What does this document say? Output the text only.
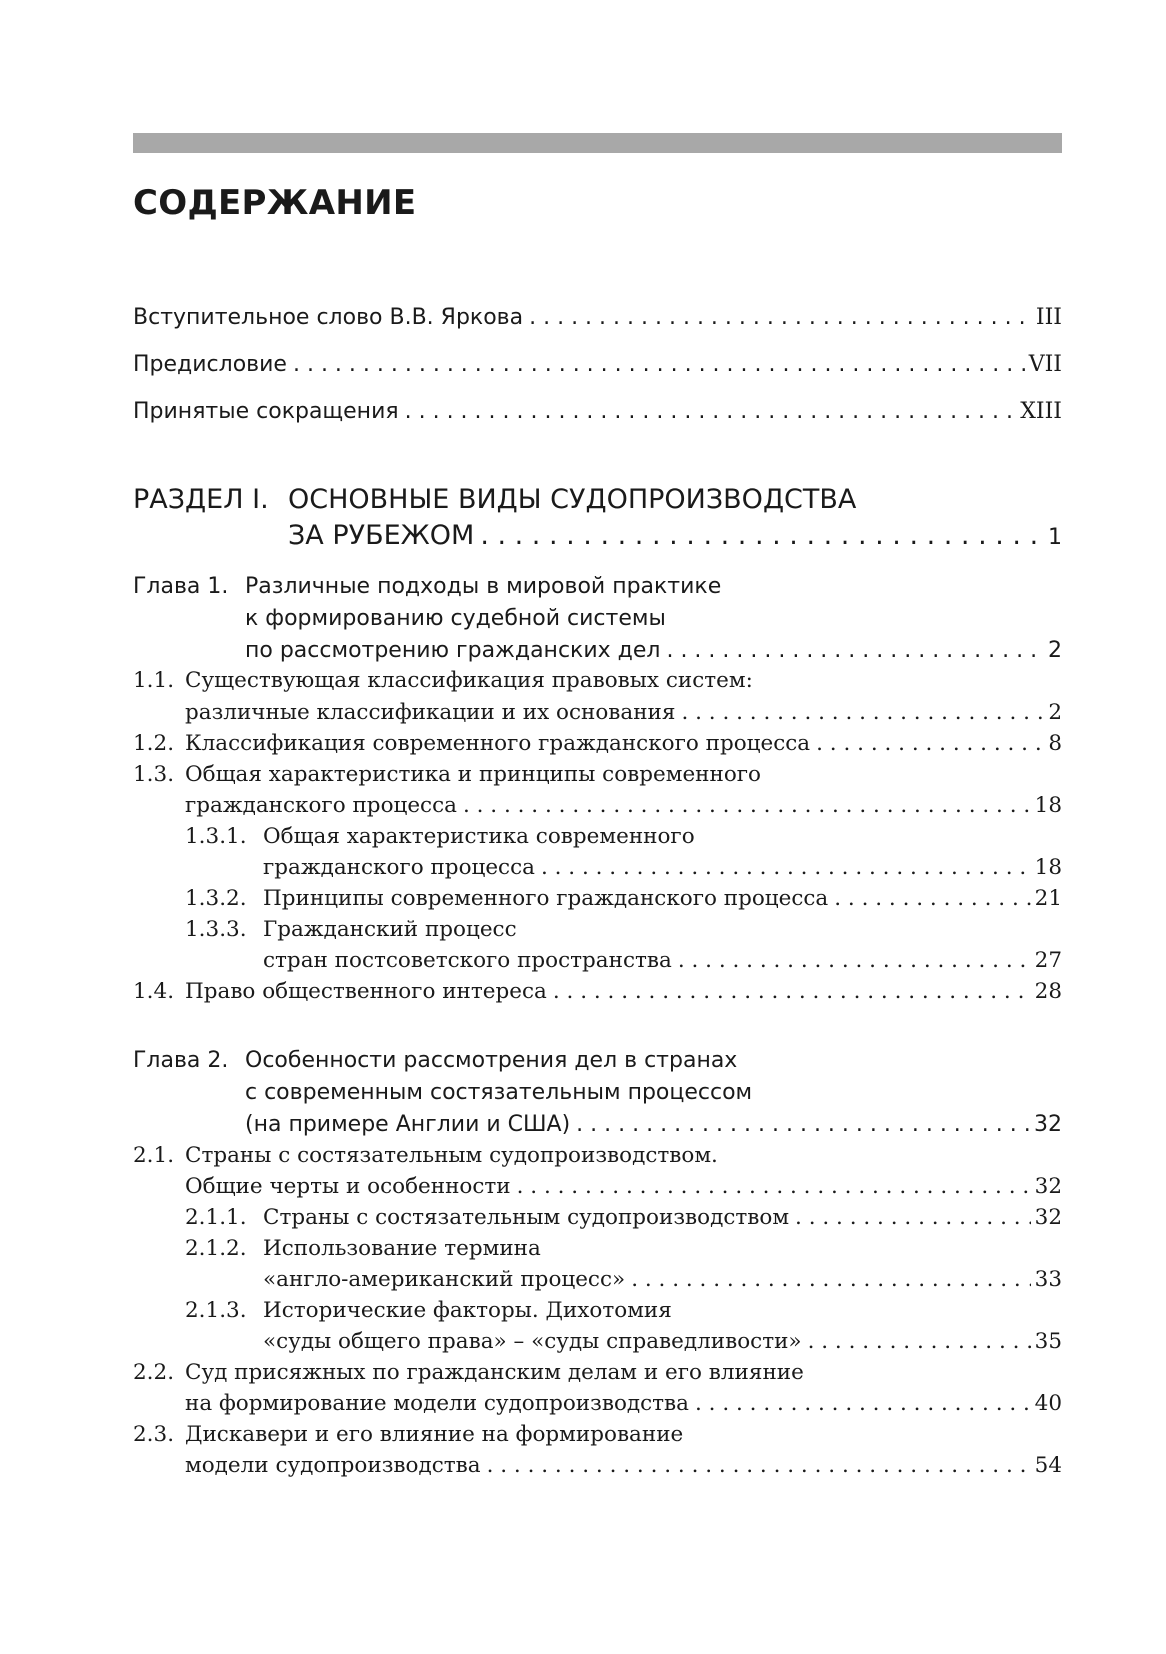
СОДЕРЖАНИЕ
Вступительное слово В.В. Яркова . . .	III
Предисловие . . .	VII
Принятые сокращения . . .	XIII
РАЗДЕЛ I. ОСНОВНЫЕ ВИДЫ СУДОПРОИЗВОДСТВА
ЗА РУБЕЖОМ . . .	1
Глава 1. Различные подходы в мировой практике
к формированию судебной системы
по рассмотрению гражданских дел . . .	2
1.1. Существующая классификация правовых систем:
различные классификации и их основания . . .	2
1.2. Классификация современного гражданского процесса . . .	8
1.3. Общая характеристика и принципы современного
гражданского процесса . . .	18
1.3.1. Общая характеристика современного
гражданского процесса . . .	18
1.3.2. Принципы современного гражданского процесса . . .	21
1.3.3. Гражданский процесс
стран постсоветского пространства . . .	27
1.4. Право общественного интереса . . .	28
Глава 2. Особенности рассмотрения дел в странах
с современным состязательным процессом
(на примере Англии и США) . . .	32
2.1. Страны с состязательным судопроизводством.
Общие черты и особенности . . .	32
2.1.1. Страны с состязательным судопроизводством . . .	32
2.1.2. Использование термина
«англо-американский процесс» . . .	33
2.1.3. Исторические факторы. Дихотомия
«суды общего права» – «суды справедливости» . . .	35
2.2. Суд присяжных по гражданским делам и его влияние
на формирование модели судопроизводства . . .	40
2.3. Дискавери и его влияние на формирование
модели судопроизводства . . .	54
